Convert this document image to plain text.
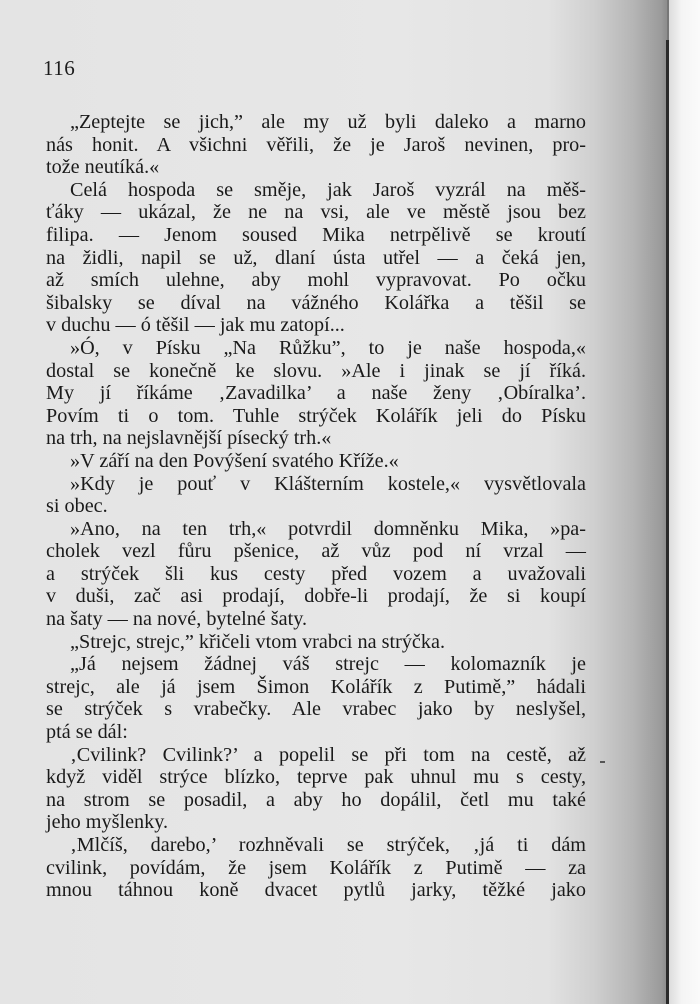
116
„Zeptejte se jich,” ale my už byli daleko a marno
nás honit. A všichni věřili, že je Jaroš nevinen, pro-
tože neutíká.«
Celá hospoda se směje, jak Jaroš vyzrál na měš-
ťáky — ukázal, že ne na vsi, ale ve městě jsou bez
filipa. — Jenom soused Mika netrpělivě se kroutí
na židli, napil se už, dlaní ústa utřel — a čeká jen,
až smích ulehne, aby mohl vypravovat. Po očku
šibalsky se díval na vážného Kolářka a těšil se
v duchu — ó těšil — jak mu zatopí...
»Ó, v Písku „Na Růžku”, to je naše hospoda,«
dostal se konečně ke slovu. »Ale i jinak se jí říká.
My jí říkáme ‚Zavadilka’ a naše ženy ‚Obíralka’.
Povím ti o tom. Tuhle strýček Kolářík jeli do Písku
na trh, na nejslavnější písecký trh.«
»V září na den Povýšení svatého Kříže.«
»Kdy je pouť v Klášterním kostele,« vysvětlovala
si obec.
»Ano, na ten trh,« potvrdil domněnku Mika, »pa-
cholek vezl fůru pšenice, až vůz pod ní vrzal —
a strýček šli kus cesty před vozem a uvažovali
v duši, zač asi prodají, dobře-li prodají, že si koupí
na šaty — na nové, bytelné šaty.
„Strejc, strejc,” křičeli vtom vrabci na strýčka.
„Já nejsem žádnej váš strejc — kolomazník je
strejc, ale já jsem Šimon Kolářík z Putimě,” hádali
se strýček s vrabečky. Ale vrabec jako by neslyšel,
ptá se dál:
‚Cvilink? Cvilink?’ a popelil se při tom na cestě, až
když viděl strýce blízko, teprve pak uhnul mu s cesty,
na strom se posadil, a aby ho dopálil, četl mu také
jeho myšlenky.
‚Mlčíš, darebo,’ rozhněvali se strýček, ‚já ti dám
cvilink, povídám, že jsem Kolářík z Putimě — za
mnou táhnou koně dvacet pytlů jarky, těžké jako
